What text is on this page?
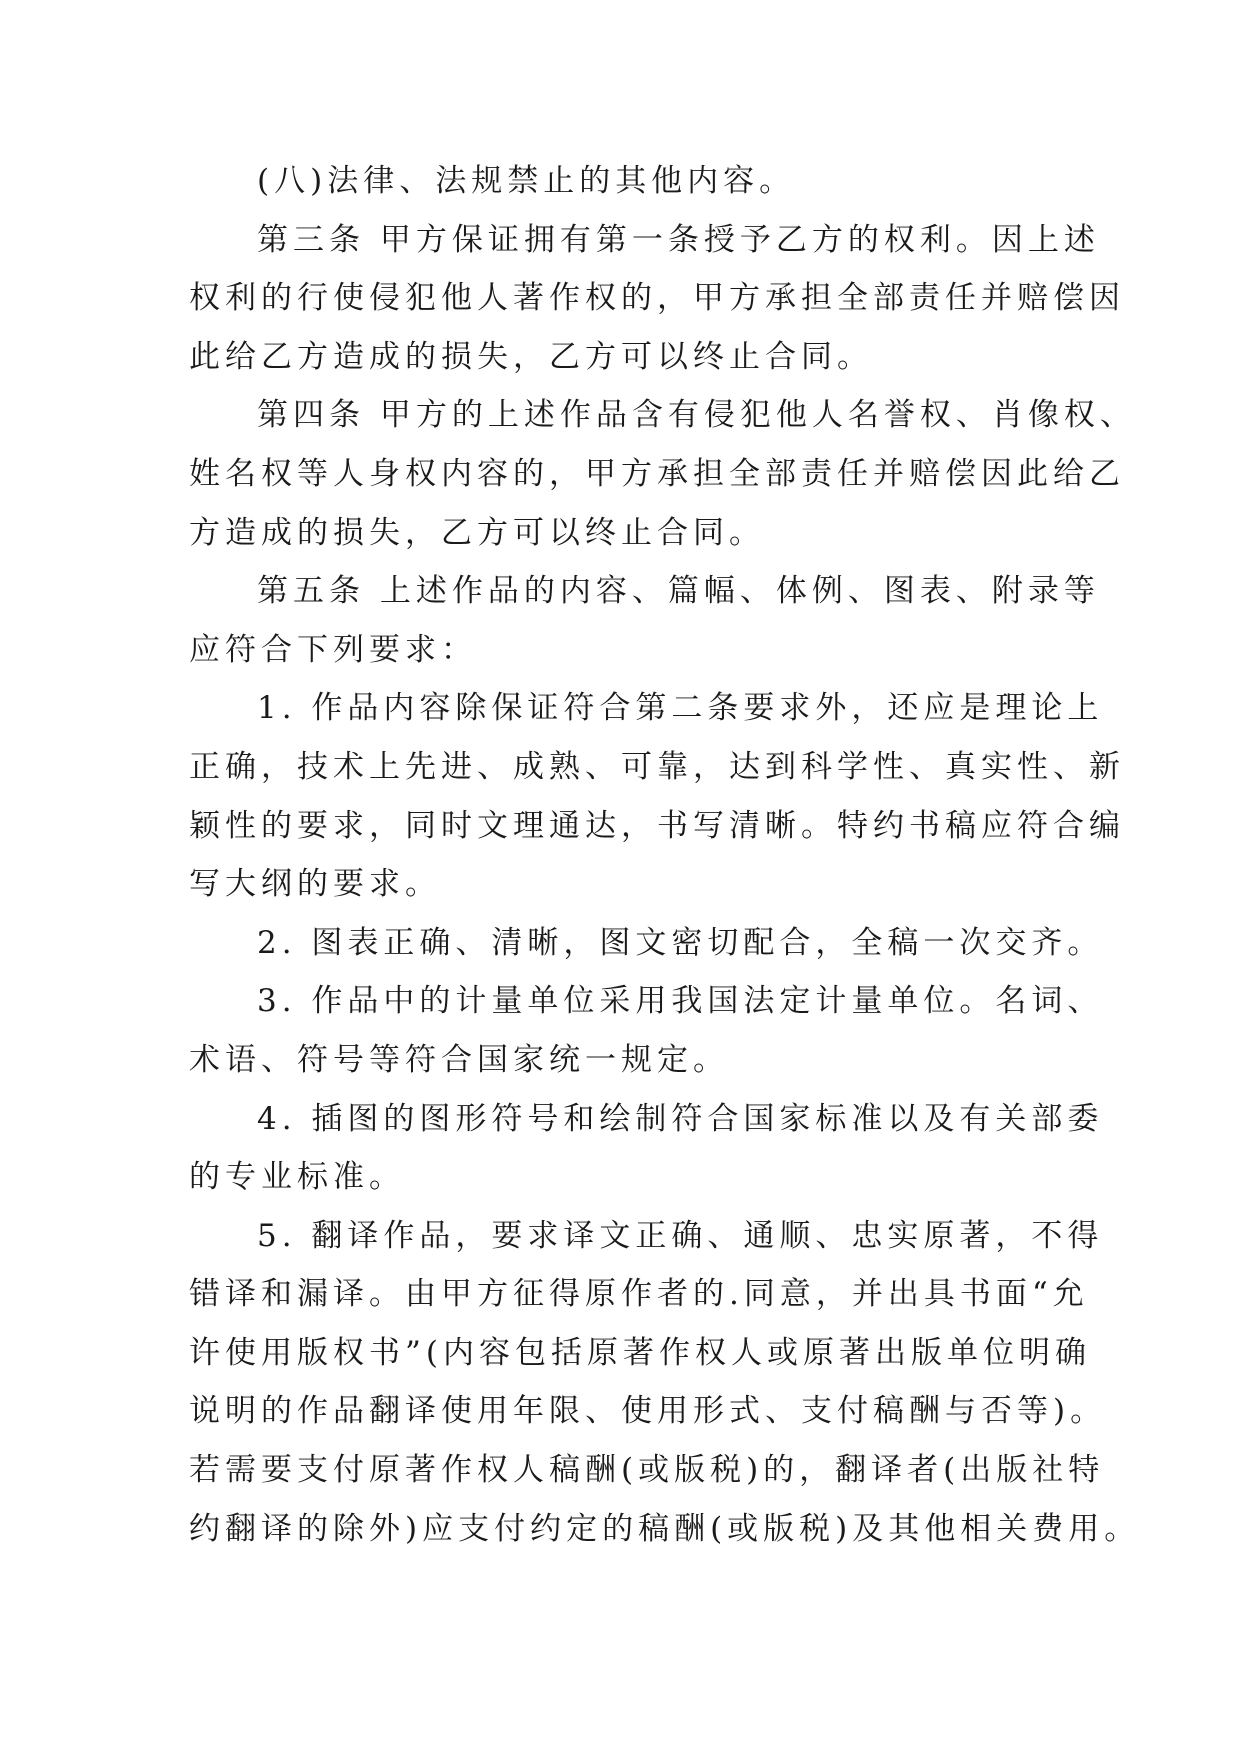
(八)法律、法规禁止的其他内容。
第三条 甲方保证拥有第一条授予乙方的权利。因上述
权利的行使侵犯他人著作权的，甲方承担全部责任并赔偿因
此给乙方造成的损失，乙方可以终止合同。
第四条 甲方的上述作品含有侵犯他人名誉权、肖像权、
姓名权等人身权内容的，甲方承担全部责任并赔偿因此给乙
方造成的损失，乙方可以终止合同。
第五条 上述作品的内容、篇幅、体例、图表、附录等
应符合下列要求：
1. 作品内容除保证符合第二条要求外，还应是理论上
正确，技术上先进、成熟、可靠，达到科学性、真实性、新
颖性的要求，同时文理通达，书写清晰。特约书稿应符合编
写大纲的要求。
2. 图表正确、清晰，图文密切配合，全稿一次交齐。
3. 作品中的计量单位采用我国法定计量单位。名词、
术语、符号等符合国家统一规定。
4. 插图的图形符号和绘制符合国家标准以及有关部委
的专业标准。
5. 翻译作品，要求译文正确、通顺、忠实原著，不得
错译和漏译。由甲方征得原作者的.同意，并出具书面“允
许使用版权书”(内容包括原著作权人或原著出版单位明确
说明的作品翻译使用年限、使用形式、支付稿酬与否等)。
若需要支付原著作权人稿酬(或版税)的，翻译者(出版社特
约翻译的除外)应支付约定的稿酬(或版税)及其他相关费用。
